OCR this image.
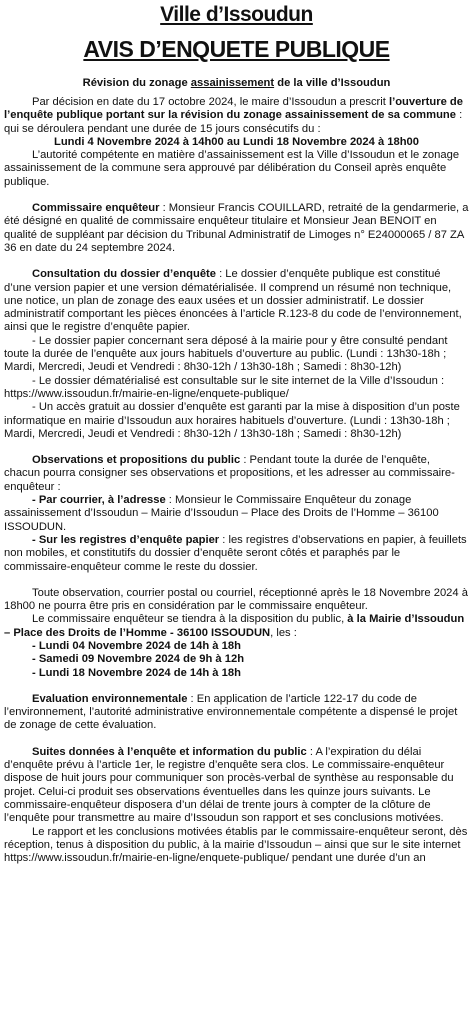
Ville d’Issoudun
AVIS D’ENQUETE PUBLIQUE
Révision du zonage assainissement de la ville d’Issoudun

Par décision en date du 17 octobre 2024, le maire d’Issoudun a prescrit l’ouverture de l’enquête publique portant sur la révision du zonage assainissement de sa commune : qui se déroulera pendant une durée de 15 jours consécutifs du :

Lundi 4 Novembre 2024 à 14h00 au Lundi 18 Novembre 2024 à 18h00

L’autorité compétente en matière d’assainissement est la Ville d’Issoudun et le zonage assainissement de la commune sera approuvé par délibération du Conseil après enquête publique.

Commissaire enquêteur : Monsieur Francis COUILLARD, retraité de la gendarmerie, a été désigné en qualité de commissaire enquêteur titulaire et Monsieur Jean BENOIT en qualité de suppléant par décision du Tribunal Administratif de Limoges n° E24000065 / 87 ZA 36 en date du 24 septembre 2024.

Consultation du dossier d’enquête : Le dossier d’enquête publique est constitué d’une version papier et une version dématérialisée. Il comprend un résumé non technique, une notice, un plan de zonage des eaux usées et un dossier administratif. Le dossier administratif comportant les pièces énoncées à l’article R.123-8 du code de l’environnement, ainsi que le registre d’enquête papier.

- Le dossier papier concernant sera déposé à la mairie pour y être consulté pendant toute la durée de l’enquête aux jours habituels d’ouverture au public. (Lundi : 13h30-18h ; Mardi, Mercredi, Jeudi et Vendredi : 8h30-12h / 13h30-18h ; Samedi : 8h30-12h)

- Le dossier dématérialisé est consultable sur le site internet de la Ville d’Issoudun : https://www.issoudun.fr/mairie-en-ligne/enquete-publique/

- Un accès gratuit au dossier d’enquête est garanti par la mise à disposition d’un poste informatique en mairie d’Issoudun aux horaires habituels d’ouverture. (Lundi : 13h30-18h ; Mardi, Mercredi, Jeudi et Vendredi : 8h30-12h / 13h30-18h ; Samedi : 8h30-12h)

Observations et propositions du public : Pendant toute la durée de l’enquête, chacun pourra consigner ses observations et propositions, et les adresser au commissaire-enquêteur :

- Par courrier, à l’adresse : Monsieur le Commissaire Enquêteur du zonage assainissement d’Issoudun – Mairie d’Issoudun – Place des Droits de l’Homme – 36100 ISSOUDUN.

- Sur les registres d’enquête papier : les registres d’observations en papier, à feuillets non mobiles, et constitutifs du dossier d’enquête seront côtés et paraphés par le commissaire-enquêteur comme le reste du dossier.

Toute observation, courrier postal ou courriel, réceptionné après le 18 Novembre 2024 à 18h00 ne pourra être pris en considération par le commissaire enquêteur.

Le commissaire enquêteur se tiendra à la disposition du public, à la Mairie d’Issoudun – Place des Droits de l’Homme - 36100 ISSOUDUN, les :

- Lundi 04 Novembre 2024 de 14h à 18h

- Samedi 09 Novembre 2024 de 9h à 12h

- Lundi 18 Novembre 2024 de 14h à 18h

Evaluation environnementale : En application de l’article 122-17 du code de l’environnement, l’autorité administrative environnementale compétente a dispensé le projet de zonage de cette évaluation.

Suites données à l’enquête et information du public : A l’expiration du délai d’enquête prévu à l’article 1er, le registre d’enquête sera clos. Le commissaire-enquêteur dispose de huit jours pour communiquer son procès-verbal de synthèse au responsable du projet. Celui-ci produit ses observations éventuelles dans les quinze jours suivants. Le commissaire-enquêteur disposera d’un délai de trente jours à compter de la clôture de l’enquête pour transmettre au maire d’Issoudun son rapport et ses conclusions motivées.

Le rapport et les conclusions motivées établis par le commissaire-enquêteur seront, dès réception, tenus à disposition du public, à la mairie d’Issoudun – ainsi que sur le site internet https://www.issoudun.fr/mairie-en-ligne/enquete-publique/ pendant une durée d’un an
